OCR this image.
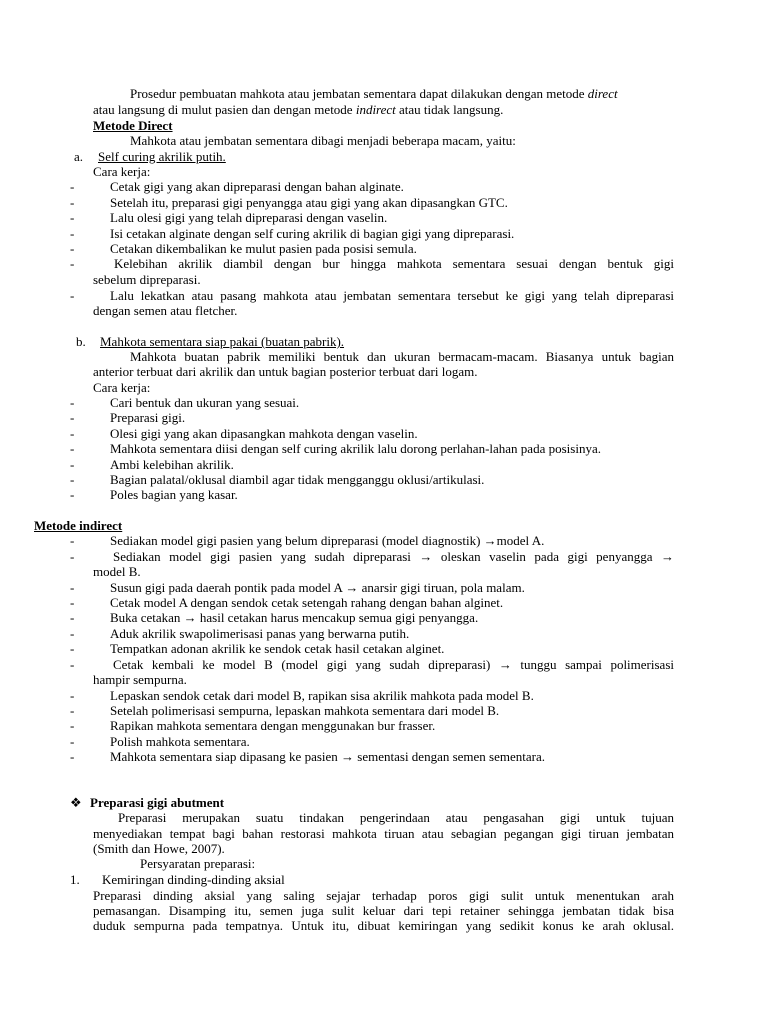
Prosedur pembuatan mahkota atau jembatan sementara dapat dilakukan dengan metode direct
atau langsung di mulut pasien dan dengan metode indirect atau tidak langsung.
Metode Direct
Mahkota atau jembatan sementara dibagi menjadi beberapa macam, yaitu:
a. Self curing akrilik putih.
Cara kerja:
-	Cetak gigi yang akan dipreparasi dengan bahan alginate.
-	Setelah itu, preparasi gigi penyangga atau gigi yang akan dipasangkan GTC.
-	Lalu olesi gigi yang telah dipreparasi dengan vaselin.
-	Isi cetakan alginate dengan self curing akrilik di bagian gigi yang dipreparasi.
-	Cetakan dikembalikan ke mulut pasien pada posisi semula.
-	Kelebihan akrilik diambil dengan bur hingga mahkota sementara sesuai dengan bentuk gigi
sebelum dipreparasi.
-	Lalu lekatkan atau pasang mahkota atau jembatan sementara tersebut ke gigi yang telah dipreparasi
dengan semen atau fletcher.
b. Mahkota sementara siap pakai (buatan pabrik).
Mahkota buatan pabrik memiliki bentuk dan ukuran bermacam-macam. Biasanya untuk bagian
anterior terbuat dari akrilik dan untuk bagian posterior terbuat dari logam.
Cara kerja:
-	Cari bentuk dan ukuran yang sesuai.
-	Preparasi gigi.
-	Olesi gigi yang akan dipasangkan mahkota dengan vaselin.
-	Mahkota sementara diisi dengan self curing akrilik lalu dorong perlahan-lahan pada posisinya.
-	Ambi kelebihan akrilik.
-	Bagian palatal/oklusal diambil agar tidak mengganggu oklusi/artikulasi.
-	Poles bagian yang kasar.
Metode indirect
-	Sediakan model gigi pasien yang belum dipreparasi (model diagnostik) →model A.
-	Sediakan model gigi pasien yang sudah dipreparasi → oleskan vaselin pada gigi penyangga →
model B.
-	Susun gigi pada daerah pontik pada model A → anarsir gigi tiruan, pola malam.
-	Cetak model A dengan sendok cetak setengah rahang dengan bahan alginet.
-	Buka cetakan → hasil cetakan harus mencakup semua gigi penyangga.
-	Aduk akrilik swapolimerisasi panas yang berwarna putih.
-	Tempatkan adonan akrilik ke sendok cetak hasil cetakan alginet.
-	Cetak kembali ke model B (model gigi yang sudah dipreparasi) → tunggu sampai polimerisasi
hampir sempurna.
-	Lepaskan sendok cetak dari model B, rapikan sisa akrilik mahkota pada model B.
-	Setelah polimerisasi sempurna, lepaskan mahkota sementara dari model B.
-	Rapikan mahkota sementara dengan menggunakan bur frasser.
-	Polish mahkota sementara.
-	Mahkota sementara siap dipasang ke pasien → sementasi dengan semen sementara.
❖ Preparasi gigi abutment
Preparasi merupakan suatu tindakan pengerindaan atau pengasahan gigi untuk tujuan
menyediakan tempat bagi bahan restorasi mahkota tiruan atau sebagian pegangan gigi tiruan jembatan
(Smith dan Howe, 2007).
Persyaratan preparasi:
1. Kemiringan dinding-dinding aksial
Preparasi dinding aksial yang saling sejajar terhadap poros gigi sulit untuk menentukan arah
pemasangan. Disamping itu, semen juga sulit keluar dari tepi retainer sehingga jembatan tidak bisa
duduk sempurna pada tempatnya. Untuk itu, dibuat kemiringan yang sedikit konus ke arah oklusal.
